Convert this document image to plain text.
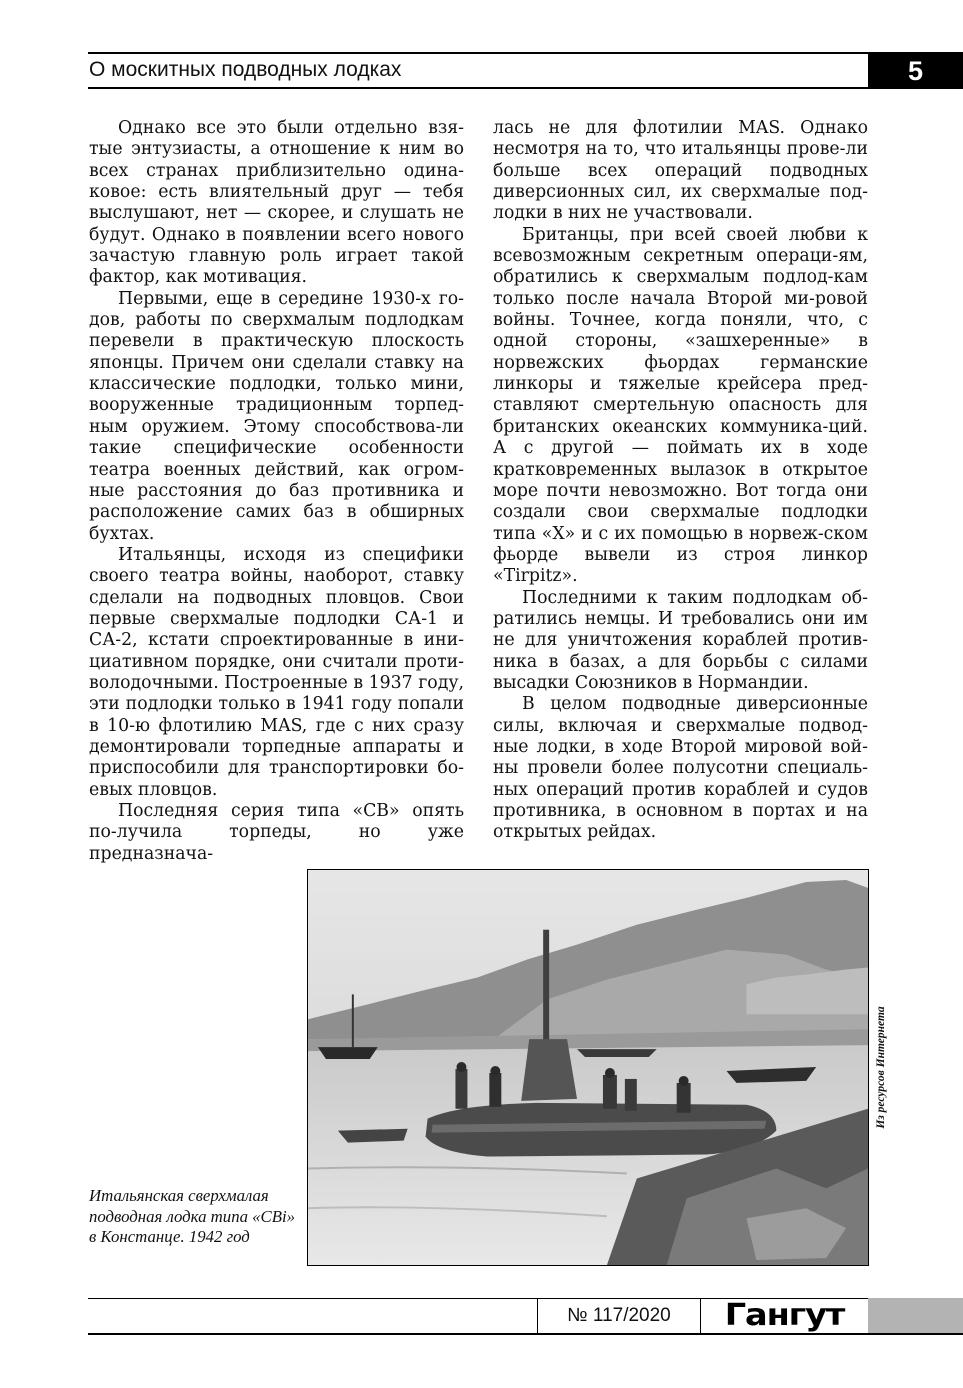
О москитных подводных лодках	5

Однако все это были отдельно взя-тые энтузиасты, а отношение к ним во всех странах приблизительно одина-ковое: есть влиятельный друг — тебя выслушают, нет — скорее, и слушать не будут. Однако в появлении всего нового зачастую главную роль играет такой фактор, как мотивация.

Первыми, еще в середине 1930-х го-дов, работы по сверхмалым подлодкам перевели в практическую плоскость японцы. Причем они сделали ставку на классические подлодки, только мини, вооруженные традиционным торпед-ным оружием. Этому способствова-ли такие специфические особенности театра военных действий, как огром-ные расстояния до баз противника и расположение самих баз в обширных бухтах.

Итальянцы, исходя из специфики своего театра войны, наоборот, ставку сделали на подводных пловцов. Свои первые сверхмалые подлодки СА-1 и СА-2, кстати спроектированные в ини-циативном порядке, они считали проти-володочными. Построенные в 1937 году, эти подлодки только в 1941 году попали в 10-ю флотилию MAS, где с них сразу демонтировали торпедные аппараты и приспособили для транспортировки бо-евых пловцов.

Последняя серия типа «СВ» опять по-лучила торпеды, но уже предназнача-

лась не для флотилии MAS. Однако несмотря на то, что итальянцы прове-ли больше всех операций подводных диверсионных сил, их сверхмалые под-лодки в них не участвовали.

Британцы, при всей своей любви к всевозможным секретным операци-ям, обратились к сверхмалым подлод-кам только после начала Второй ми-ровой войны. Точнее, когда поняли, что, с одной стороны, «зашхеренные» в норвежских фьордах германские линкоры и тяжелые крейсера пред-ставляют смертельную опасность для британских океанских коммуника-ций. А с другой — поймать их в ходе кратковременных вылазок в открытое море почти невозможно. Вот тогда они создали свои сверхмалые подлодки типа «Х» и с их помощью в норвеж-ском фьорде вывели из строя линкор «Tirpitz».

Последними к таким подлодкам об-ратились немцы. И требовались они им не для уничтожения кораблей против-ника в базах, а для борьбы с силами высадки Союзников в Нормандии.

В целом подводные диверсионные силы, включая и сверхмалые подвод-ные лодки, в ходе Второй мировой вой-ны провели более полусотни специаль-ных операций против кораблей и судов противника, в основном в портах и на открытых рейдах.

Из ресурсов Интернета
Итальянская сверхмалая подводная лодка типа «CBi» в Констанце. 1942 год
№ 117/2020	Гангут
